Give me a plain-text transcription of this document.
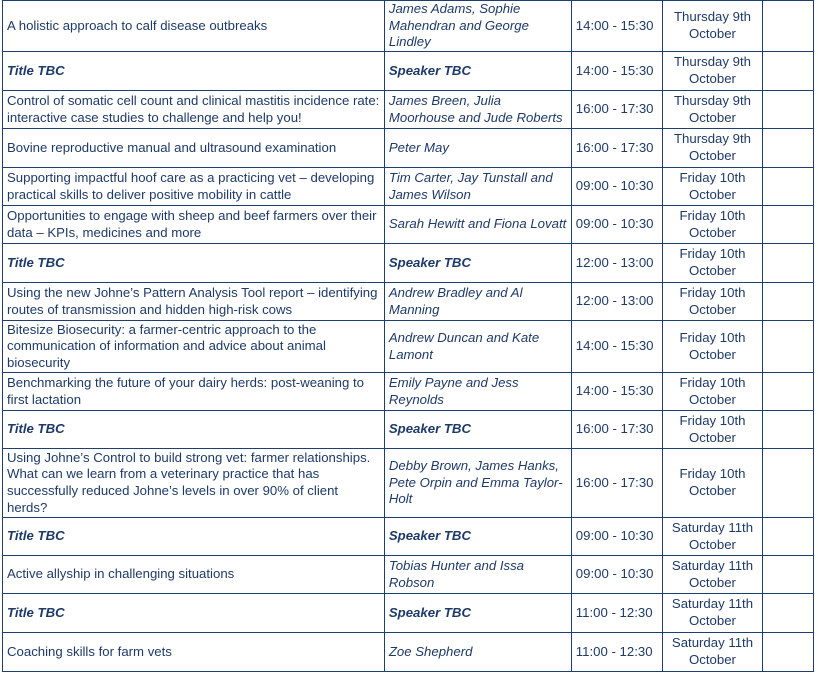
A holistic approach to calf disease outbreaks	James Adams, Sophie Mahendran and George Lindley	14:00 - 15:30	Thursday 9th October	
Title TBC	Speaker TBC	14:00 - 15:30	Thursday 9th October	
Control of somatic cell count and clinical mastitis incidence rate: interactive case studies to challenge and help you!	James Breen, Julia Moorhouse and Jude Roberts	16:00 - 17:30	Thursday 9th October	
Bovine reproductive manual and ultrasound examination	Peter May	16:00 - 17:30	Thursday 9th October	
Supporting impactful hoof care as a practicing vet – developing practical skills to deliver positive mobility in cattle	Tim Carter, Jay Tunstall and James Wilson	09:00 - 10:30	Friday 10th October	
Opportunities to engage with sheep and beef farmers over their data – KPIs, medicines and more	Sarah Hewitt and Fiona Lovatt	09:00 - 10:30	Friday 10th October	
Title TBC	Speaker TBC	12:00 - 13:00	Friday 10th October	
Using the new Johne’s Pattern Analysis Tool report – identifying routes of transmission and hidden high-risk cows	Andrew Bradley and Al Manning	12:00 - 13:00	Friday 10th October	
Bitesize Biosecurity: a farmer-centric approach to the communication of information and advice about animal biosecurity	Andrew Duncan and Kate Lamont	14:00 - 15:30	Friday 10th October	
Benchmarking the future of your dairy herds: post-weaning to first lactation	Emily Payne and Jess Reynolds	14:00 - 15:30	Friday 10th October	
Title TBC	Speaker TBC	16:00 - 17:30	Friday 10th October	
Using Johne’s Control to build strong vet: farmer relationships. What can we learn from a veterinary practice that has successfully reduced Johne’s levels in over 90% of client herds?	Debby Brown, James Hanks, Pete Orpin and Emma Taylor-Holt	16:00 - 17:30	Friday 10th October	
Title TBC	Speaker TBC	09:00 - 10:30	Saturday 11th October	
Active allyship in challenging situations	Tobias Hunter and Issa Robson	09:00 - 10:30	Saturday 11th October	
Title TBC	Speaker TBC	11:00 - 12:30	Saturday 11th October	
Coaching skills for farm vets	Zoe Shepherd	11:00 - 12:30	Saturday 11th October	
